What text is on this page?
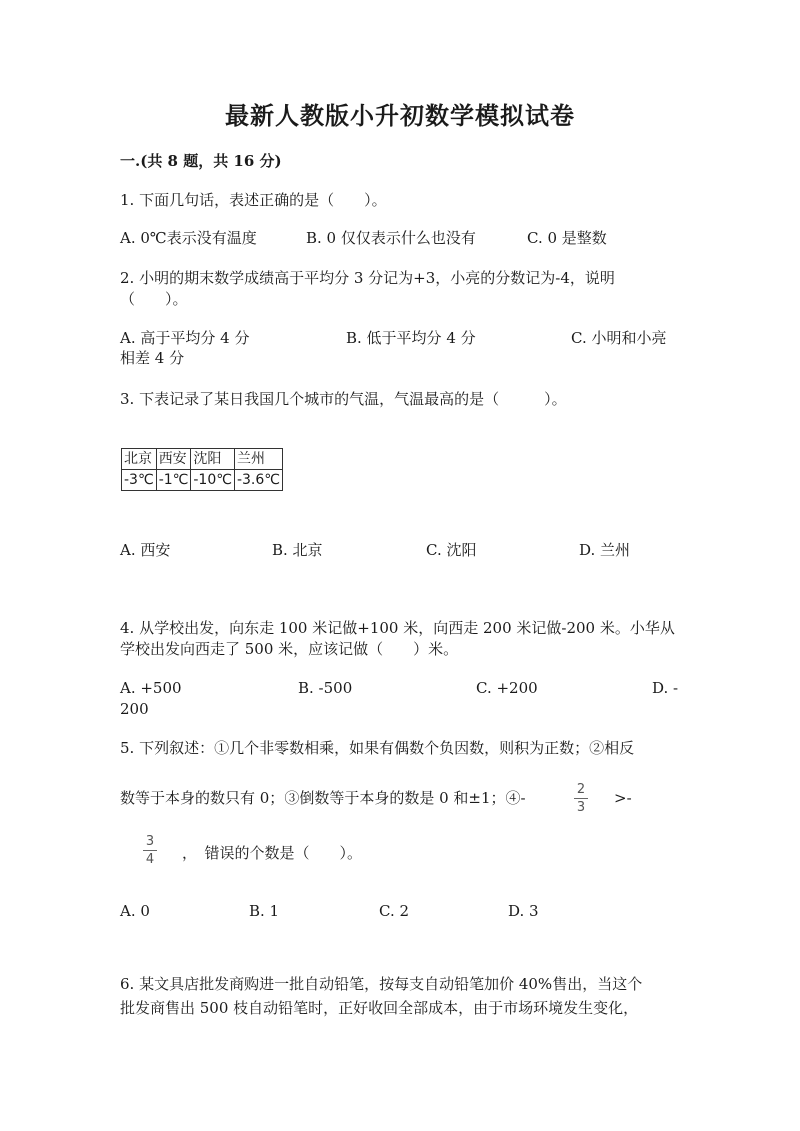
最新人教版小升初数学模拟试卷
一.(共 8 题，共 16 分)
1. 下面几句话，表述正确的是（　　）。
A. 0℃表示没有温度	B. 0 仅仅表示什么也没有	C. 0 是整数
2. 小明的期末数学成绩高于平均分 3 分记为+3，小亮的分数记为-4，说明
（　　）。
A. 高于平均分 4 分	B. 低于平均分 4 分	C. 小明和小亮
相差 4 分
3. 下表记录了某日我国几个城市的气温，气温最高的是（　　　）。
北京	西安	沈阳	兰州
-3℃	-1℃	-10℃	-3.6℃
A. 西安	B. 北京	C. 沈阳	D. 兰州
4. 从学校出发，向东走 100 米记做+100 米，向西走 200 米记做-200 米。小华从
学校出发向西走了 500 米，应该记做（　　）米。
A. +500	B. -500	C. +200	D. -
200
5. 下列叙述：①几个非零数相乘，如果有偶数个负因数，则积为正数；②相反
数等于本身的数只有 0；③倒数等于本身的数是 0 和±1；④-	2
3
>-
3
4 ，　错误的个数是（　　）。
A. 0	B. 1	C. 2	D. 3
6. 某文具店批发商购进一批自动铅笔，按每支自动铅笔加价 40%售出，当这个
批发商售出 500 枝自动铅笔时，正好收回全部成本，由于市场环境发生变化，
